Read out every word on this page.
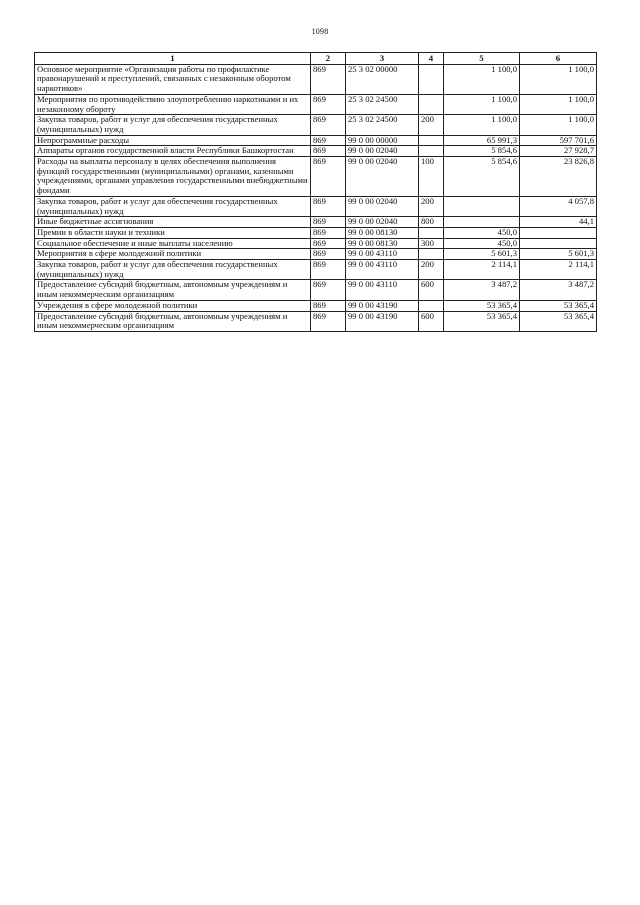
1098
1	2	3	4	5	6
Основное мероприятие «Организация работы по профилактике правонарушений и преступлений, связанных с незаконным оборотом наркотиков»	869	25 3 02 00000		1 100,0	1 100,0
Мероприятия по противодействию злоупотреблению наркотиками и их незаконному обороту	869	25 3 02 24500		1 100,0	1 100,0
Закупка товаров, работ и услуг для обеспечения государственных (муниципальных) нужд	869	25 3 02 24500	200	1 100,0	1 100,0
Непрограммные расходы	869	99 0 00 00000		65 991,3	597 701,6
Аппараты органов государственной власти Республики Башкортостан	869	99 0 00 02040		5 854,6	27 928,7
Расходы на выплаты персоналу в целях обеспечения выполнения функций государственными (муниципальными) органами, казенными учреждениями, органами управления государственными внебюджетными фондами	869	99 0 00 02040	100	5 854,6	23 826,8
Закупка товаров, работ и услуг для обеспечения государственных (муниципальных) нужд	869	99 0 00 02040	200		4 057,8
Иные бюджетные ассигнования	869	99 0 00 02040	800		44,1
Премии в области науки и техники	869	99 0 00 08130		450,0	
Социальное обеспечение и иные выплаты населению	869	99 0 00 08130	300	450,0	
Мероприятия в сфере молодежной политики	869	99 0 00 43110		5 601,3	5 601,3
Закупка товаров, работ и услуг для обеспечения государственных (муниципальных) нужд	869	99 0 00 43110	200	2 114,1	2 114,1
Предоставление субсидий бюджетным, автономным учреждениям и иным некоммерческим организациям	869	99 0 00 43110	600	3 487,2	3 487,2
Учреждения в сфере молодежной политики	869	99 0 00 43190		53 365,4	53 365,4
Предоставление субсидий бюджетным, автономным учреждениям и иным некоммерческим организациям	869	99 0 00 43190	600	53 365,4	53 365,4
